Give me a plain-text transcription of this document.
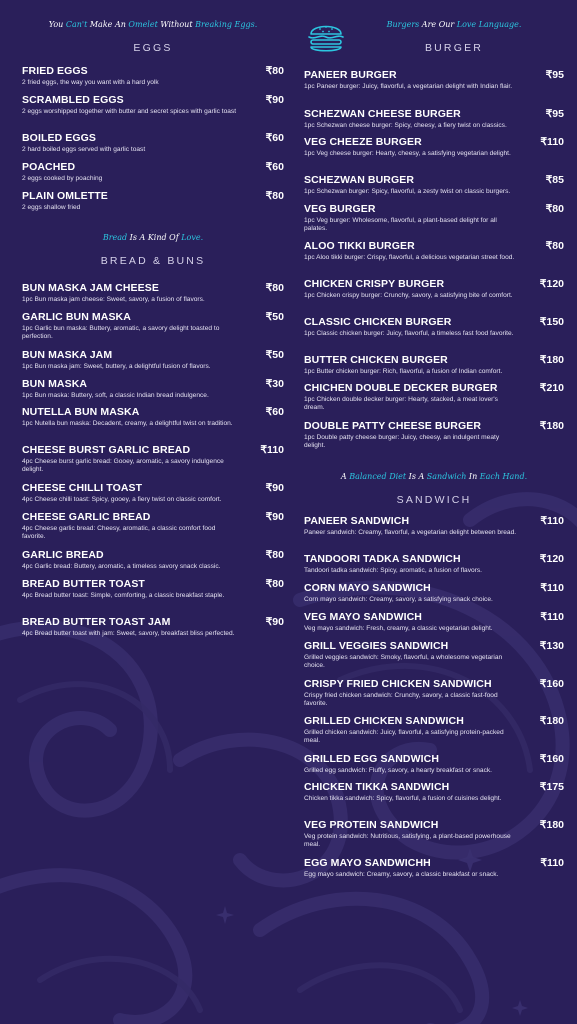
You Can't Make An Omelet Without Breaking Eggs.
EGGS
FRIED EGGS	₹80
2 fried eggs, the way you want with a hard yolk
SCRAMBLED EGGS	₹90
2 eggs worshipped together with butter and secret spices with garlic toast
BOILED EGGS	₹60
2 hard boiled eggs served with garlic toast
POACHED	₹60
2 eggs cooked by poaching
PLAIN OMLETTE	₹80
2 eggs shallow fried
Bread Is A Kind Of Love.
BREAD & BUNS
BUN MASKA JAM CHEESE	₹80
1pc Bun maska jam cheese: Sweet, savory, a fusion of flavors.
GARLIC BUN MASKA	₹50
1pc Garlic bun maska: Buttery, aromatic, a savory delight toasted to perfection.
BUN MASKA JAM	₹50
1pc Bun maska jam: Sweet, buttery, a delightful fusion of flavors.
BUN MASKA	₹30
1pc Bun maska: Buttery, soft, a classic Indian bread indulgence.
NUTELLA BUN MASKA	₹60
1pc Nutella bun maska: Decadent, creamy, a delightful twist on tradition.
CHEESE BURST GARLIC BREAD	₹110
4pc Cheese burst garlic bread: Gooey, aromatic, a savory indulgence delight.
CHEESE CHILLI TOAST	₹90
4pc Cheese chilli toast: Spicy, gooey, a fiery twist on classic comfort.
CHEESE GARLIC BREAD	₹90
4pc Cheese garlic bread: Cheesy, aromatic, a classic comfort food favorite.
GARLIC BREAD	₹80
4pc Garlic bread: Buttery, aromatic, a timeless savory snack classic.
BREAD BUTTER TOAST	₹80
4pc Bread butter toast: Simple, comforting, a classic breakfast staple.
BREAD BUTTER TOAST JAM	₹90
4pc Bread butter toast with jam: Sweet, savory, breakfast bliss perfected.
Burgers Are Our Love Language.
BURGER
PANEER BURGER	₹95
1pc Paneer burger: Juicy, flavorful, a vegetarian delight with Indian flair.
SCHEZWAN CHEESE BURGER	₹95
1pc Schezwan cheese burger: Spicy, cheesy, a fiery twist on classics.
VEG CHEEZE BURGER	₹110
1pc Veg cheese burger: Hearty, cheesy, a satisfying vegetarian delight.
SCHEZWAN BURGER	₹85
1pc Schezwan burger: Spicy, flavorful, a zesty twist on classic burgers.
VEG BURGER	₹80
1pc Veg burger: Wholesome, flavorful, a plant-based delight for all palates.
ALOO TIKKI BURGER	₹80
1pc Aloo tikki burger: Crispy, flavorful, a delicious vegetarian street food.
CHICKEN CRISPY BURGER	₹120
1pc Chicken crispy burger: Crunchy, savory, a satisfying bite of comfort.
CLASSIC CHICKEN BURGER	₹150
1pc Classic chicken burger: Juicy, flavorful, a timeless fast food favorite.
BUTTER CHICKEN BURGER	₹180
1pc Butter chicken burger: Rich, flavorful, a fusion of Indian comfort.
CHICHEN DOUBLE DECKER BURGER	₹210
1pc Chicken double decker burger: Hearty, stacked, a meat lover's dream.
DOUBLE PATTY CHEESE BURGER	₹180
1pc Double patty cheese burger: Juicy, cheesy, an indulgent meaty delight.
A Balanced Diet Is A Sandwich In Each Hand.
SANDWICH
PANEER SANDWICH	₹110
Paneer sandwich: Creamy, flavorful, a vegetarian delight between bread.
TANDOORI TADKA SANDWICH	₹120
Tandoori tadka sandwich: Spicy, aromatic, a fusion of flavors.
CORN MAYO SANDWICH	₹110
Corn mayo sandwich: Creamy, savory, a satisfying snack choice.
VEG MAYO SANDWICH	₹110
Veg mayo sandwich: Fresh, creamy, a classic vegetarian delight.
GRILL VEGGIES SANDWICH	₹130
Grilled veggies sandwich: Smoky, flavorful, a wholesome vegetarian choice.
CRISPY FRIED CHICKEN SANDWICH	₹160
Crispy fried chicken sandwich: Crunchy, savory, a classic fast-food favorite.
GRILLED CHICKEN SANDWICH	₹180
Grilled chicken sandwich: Juicy, flavorful, a satisfying protein-packed meal.
GRILLED EGG SANDWICH	₹160
Grilled egg sandwich: Fluffy, savory, a hearty breakfast or snack.
CHICKEN TIKKA SANDWICH	₹175
Chicken tikka sandwich: Spicy, flavorful, a fusion of cuisines delight.
VEG PROTEIN SANDWICH	₹180
Veg protein sandwich: Nutritious, satisfying, a plant-based powerhouse meal.
EGG MAYO SANDWICHH	₹110
Egg mayo sandwich: Creamy, savory, a classic breakfast or snack.
